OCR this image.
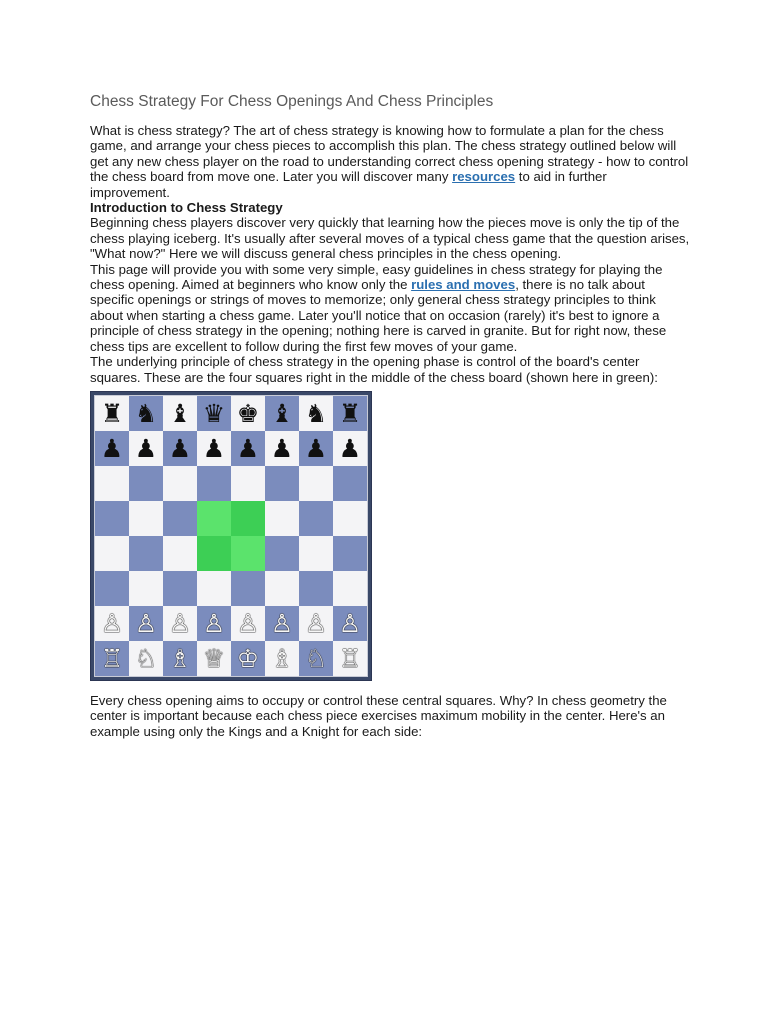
Chess Strategy For Chess Openings And Chess Principles

What is chess strategy? The art of chess strategy is knowing how to formulate a plan for the chess game, and arrange your chess pieces to accomplish this plan. The chess strategy outlined below will get any new chess player on the road to understanding correct chess opening strategy - how to control the chess board from move one. Later you will discover many resources to aid in further improvement.

Introduction to Chess Strategy

Beginning chess players discover very quickly that learning how the pieces move is only the tip of the chess playing iceberg. It's usually after several moves of a typical chess game that the question arises, "What now?" Here we will discuss general chess principles in the chess opening.

This page will provide you with some very simple, easy guidelines in chess strategy for playing the chess opening. Aimed at beginners who know only the rules and moves, there is no talk about specific openings or strings of moves to memorize; only general chess strategy principles to think about when starting a chess game. Later you'll notice that on occasion (rarely) it's best to ignore a principle of chess strategy in the opening; nothing here is carved in granite. But for right now, these chess tips are excellent to follow during the first few moves of your game.

The underlying principle of chess strategy in the opening phase is control of the board's center squares. These are the four squares right in the middle of the chess board (shown here in green):

♜ ♞ ♝ ♛ ♚ ♝ ♞ ♜
♟ ♟ ♟ ♟ ♟ ♟ ♟ ♟
♙ ♙ ♙ ♙ ♙ ♙ ♙ ♙
♖ ♘ ♗ ♕ ♔ ♗ ♘ ♖

Every chess opening aims to occupy or control these central squares. Why? In chess geometry the center is important because each chess piece exercises maximum mobility in the center. Here's an example using only the Kings and a Knight for each side:
